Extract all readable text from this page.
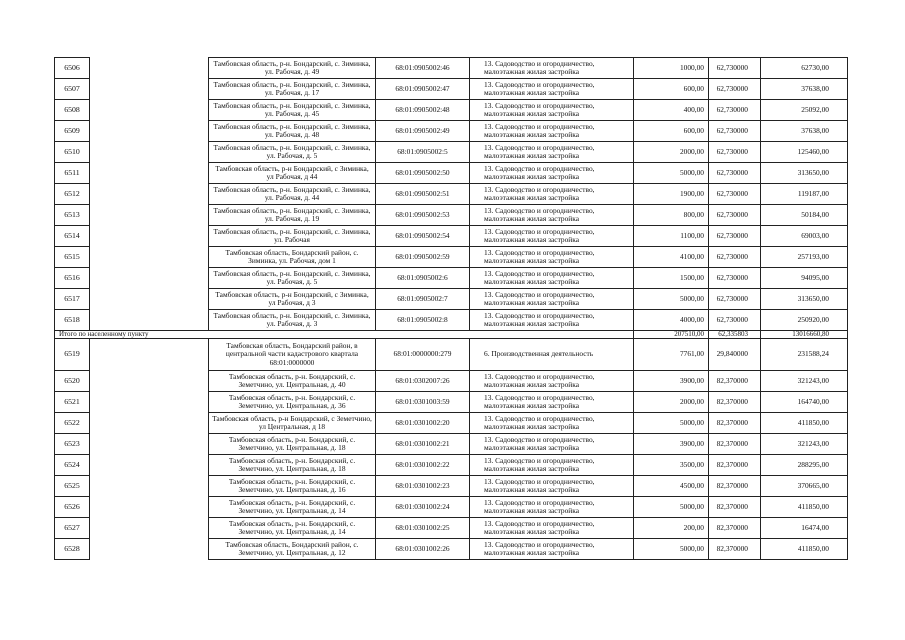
6506		Тамбовская область, р-н. Бондарский, с. Зиминка, ул. Рабочая, д. 49	68:01:0905002:46	13. Садоводство и огородничество, малоэтажная жилая застройка	1000,00	62,730000	62730,00
6507		Тамбовская область, р-н. Бондарский, с. Зиминка, ул. Рабочая, д. 17	68:01:0905002:47	13. Садоводство и огородничество, малоэтажная жилая застройка	600,00	62,730000	37638,00
6508		Тамбовская область, р-н. Бондарский, с. Зиминка, ул. Рабочая, д. 45	68:01:0905002:48	13. Садоводство и огородничество, малоэтажная жилая застройка	400,00	62,730000	25092,00
6509		Тамбовская область, р-н. Бондарский, с. Зиминка, ул. Рабочая, д. 48	68:01:0905002:49	13. Садоводство и огородничество, малоэтажная жилая застройка	600,00	62,730000	37638,00
6510		Тамбовская область, р-н. Бондарский, с. Зиминка, ул. Рабочая, д. 5	68:01:0905002:5	13. Садоводство и огородничество, малоэтажная жилая застройка	2000,00	62,730000	125460,00
6511		Тамбовская область, р-н Бондарский, с Зиминка, ул Рабочая, д 44	68:01:0905002:50	13. Садоводство и огородничество, малоэтажная жилая застройка	5000,00	62,730000	313650,00
6512		Тамбовская область, р-н. Бондарский, с. Зиминка, ул. Рабочая, д. 44	68:01:0905002:51	13. Садоводство и огородничество, малоэтажная жилая застройка	1900,00	62,730000	119187,00
6513		Тамбовская область, р-н. Бондарский, с. Зиминка, ул. Рабочая, д. 19	68:01:0905002:53	13. Садоводство и огородничество, малоэтажная жилая застройка	800,00	62,730000	50184,00
6514		Тамбовская область, р-н. Бондарский, с. Зиминка, ул. Рабочая	68:01:0905002:54	13. Садоводство и огородничество, малоэтажная жилая застройка	1100,00	62,730000	69003,00
6515		Тамбовская область, Бондарский район, с. Зиминка, ул. Рабочая, дом 1	68:01:0905002:59	13. Садоводство и огородничество, малоэтажная жилая застройка	4100,00	62,730000	257193,00
6516		Тамбовская область, р-н. Бондарский, с. Зиминка, ул. Рабочая, д. 5	68:01:0905002:6	13. Садоводство и огородничество, малоэтажная жилая застройка	1500,00	62,730000	94095,00
6517		Тамбовская область, р-н Бондарский, с Зиминка, ул Рабочая, д 3	68:01:0905002:7	13. Садоводство и огородничество, малоэтажная жилая застройка	5000,00	62,730000	313650,00
6518		Тамбовская область, р-н. Бондарский, с. Зиминка, ул. Рабочая, д. 3	68:01:0905002:8	13. Садоводство и огородничество, малоэтажная жилая застройка	4000,00	62,730000	250920,00
Итого по населенному пункту					207510,00	62,335803	13016660,80
6519		Тамбовская область, Бондарский район, в центральной части кадастрового квартала 68:01:0000000	68:01:0000000:279	6. Производственная деятельность	7761,00	29,840000	231588,24
6520		Тамбовская область, р-н. Бондарский, с. Земетчино, ул. Центральная, д. 40	68:01:0302007:26	13. Садоводство и огородничество, малоэтажная жилая застройка	3900,00	82,370000	321243,00
6521		Тамбовская область, р-н. Бондарский, с. Земетчино, ул. Центральная, д. 36	68:01:0301003:59	13. Садоводство и огородничество, малоэтажная жилая застройка	2000,00	82,370000	164740,00
6522		Тамбовская область, р-н Бондарский, с Земетчино, ул Центральная, д 18	68:01:0301002:20	13. Садоводство и огородничество, малоэтажная жилая застройка	5000,00	82,370000	411850,00
6523		Тамбовская область, р-н. Бондарский, с. Земетчино, ул. Центральная, д. 18	68:01:0301002:21	13. Садоводство и огородничество, малоэтажная жилая застройка	3900,00	82,370000	321243,00
6524		Тамбовская область, р-н. Бондарский, с. Земетчино, ул. Центральная, д. 18	68:01:0301002:22	13. Садоводство и огородничество, малоэтажная жилая застройка	3500,00	82,370000	288295,00
6525		Тамбовская область, р-н. Бондарский, с. Земетчино, ул. Центральная, д. 16	68:01:0301002:23	13. Садоводство и огородничество, малоэтажная жилая застройка	4500,00	82,370000	370665,00
6526		Тамбовская область, р-н. Бондарский, с. Земетчино, ул. Центральная, д. 14	68:01:0301002:24	13. Садоводство и огородничество, малоэтажная жилая застройка	5000,00	82,370000	411850,00
6527		Тамбовская область, р-н. Бондарский, с. Земетчино, ул. Центральная, д. 14	68:01:0301002:25	13. Садоводство и огородничество, малоэтажная жилая застройка	200,00	82,370000	16474,00
6528		Тамбовская область, Бондарский район, с. Земетчино, ул. Центральная, д. 12	68:01:0301002:26	13. Садоводство и огородничество, малоэтажная жилая застройка	5000,00	82,370000	411850,00
